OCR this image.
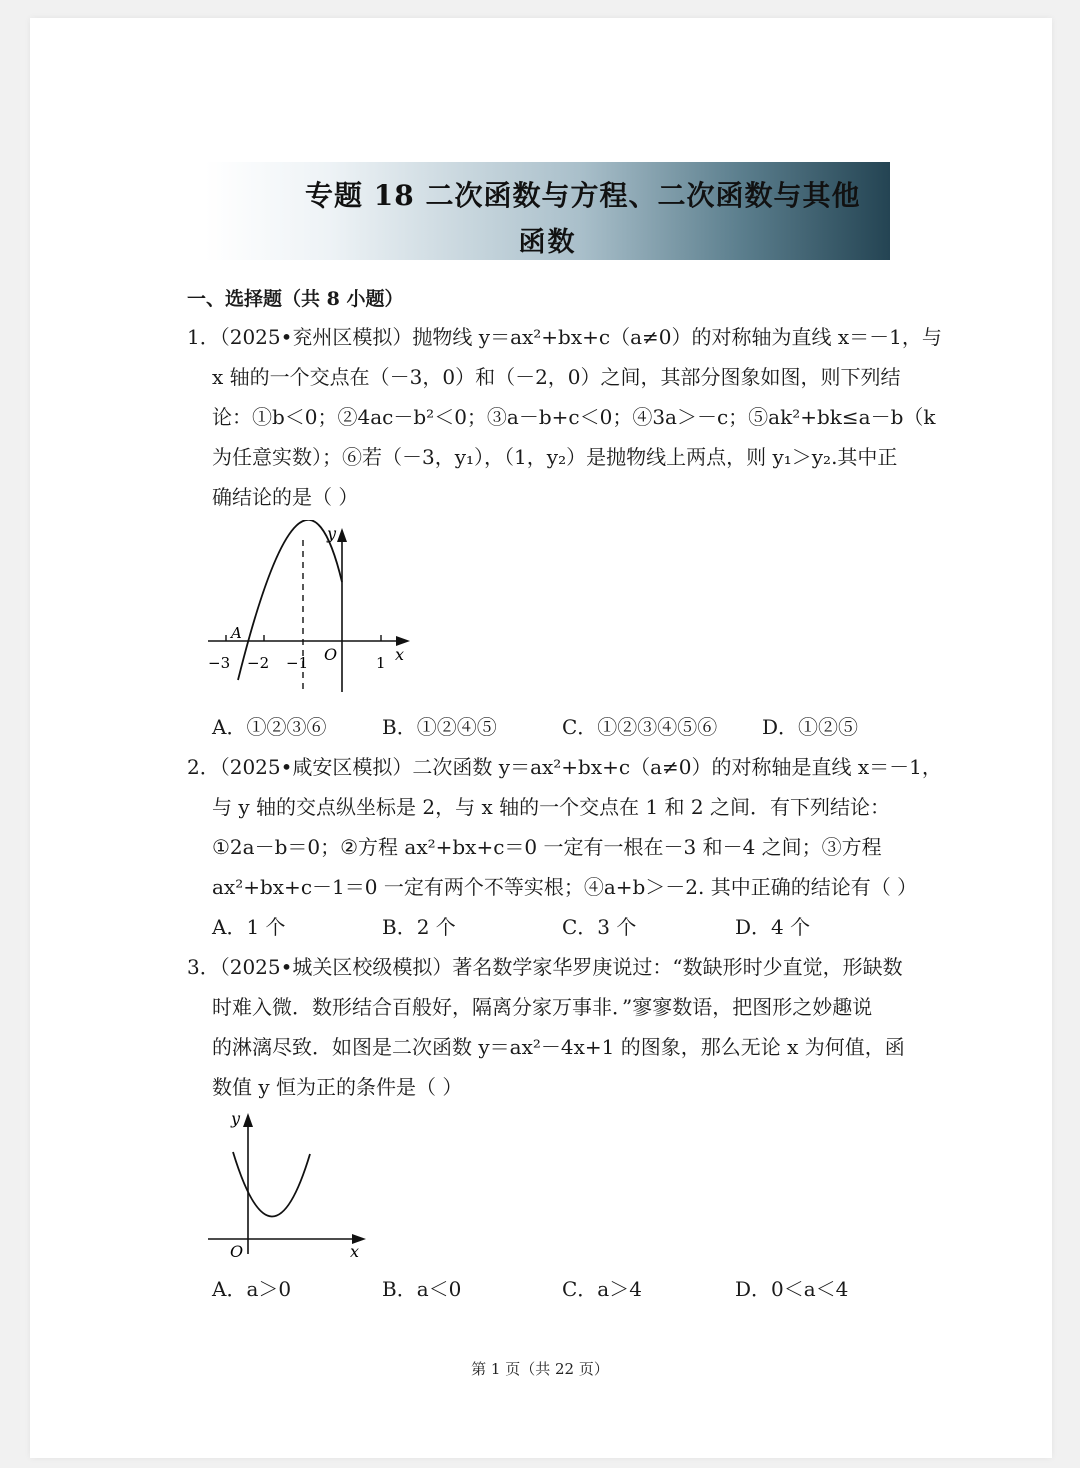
专题 18 二次函数与方程、二次函数与其他
函数
一、选择题（共 8 小题）
1．（2025•兖州区模拟）抛物线 y＝ax²+bx+c（a≠0）的对称轴为直线 x＝－1，与
x 轴的一个交点在（－3，0）和（－2，0）之间，其部分图象如图，则下列结
论：①b＜0；②4ac－b²＜0；③a－b+c＜0；④3a＞－c；⑤ak²+bk≤a－b（k
为任意实数）；⑥若（－3，y₁），（1，y₂）是抛物线上两点，则 y₁＞y₂.其中正
确结论的是（ ）
y
x
O
A
−3 −2 −1	1
A．①②③⑥	B．①②④⑤	C．①②③④⑤⑥ D．①②⑤
2．（2025•咸安区模拟）二次函数 y＝ax²+bx+c（a≠0）的对称轴是直线 x＝－1，
与 y 轴的交点纵坐标是 2，与 x 轴的一个交点在 1 和 2 之间．有下列结论：
①2a－b＝0；②方程 ax²+bx+c＝0 一定有一根在－3 和－4 之间；③方程
ax²+bx+c－1＝0 一定有两个不等实根；④a+b＞－2. 其中正确的结论有（ ）
A．1 个	B．2 个	C．3 个	D．4 个
3．（2025•城关区校级模拟）著名数学家华罗庚说过：“数缺形时少直觉，形缺数
时难入微．数形结合百般好，隔离分家万事非．”寥寥数语，把图形之妙趣说
的淋漓尽致．如图是二次函数 y＝ax²－4x+1 的图象，那么无论 x 为何值，函
数值 y 恒为正的条件是（ ）
y
x
O
A．a＞0	B．a＜0	C．a＞4	D．0＜a＜4
第 1 页（共 22 页）
